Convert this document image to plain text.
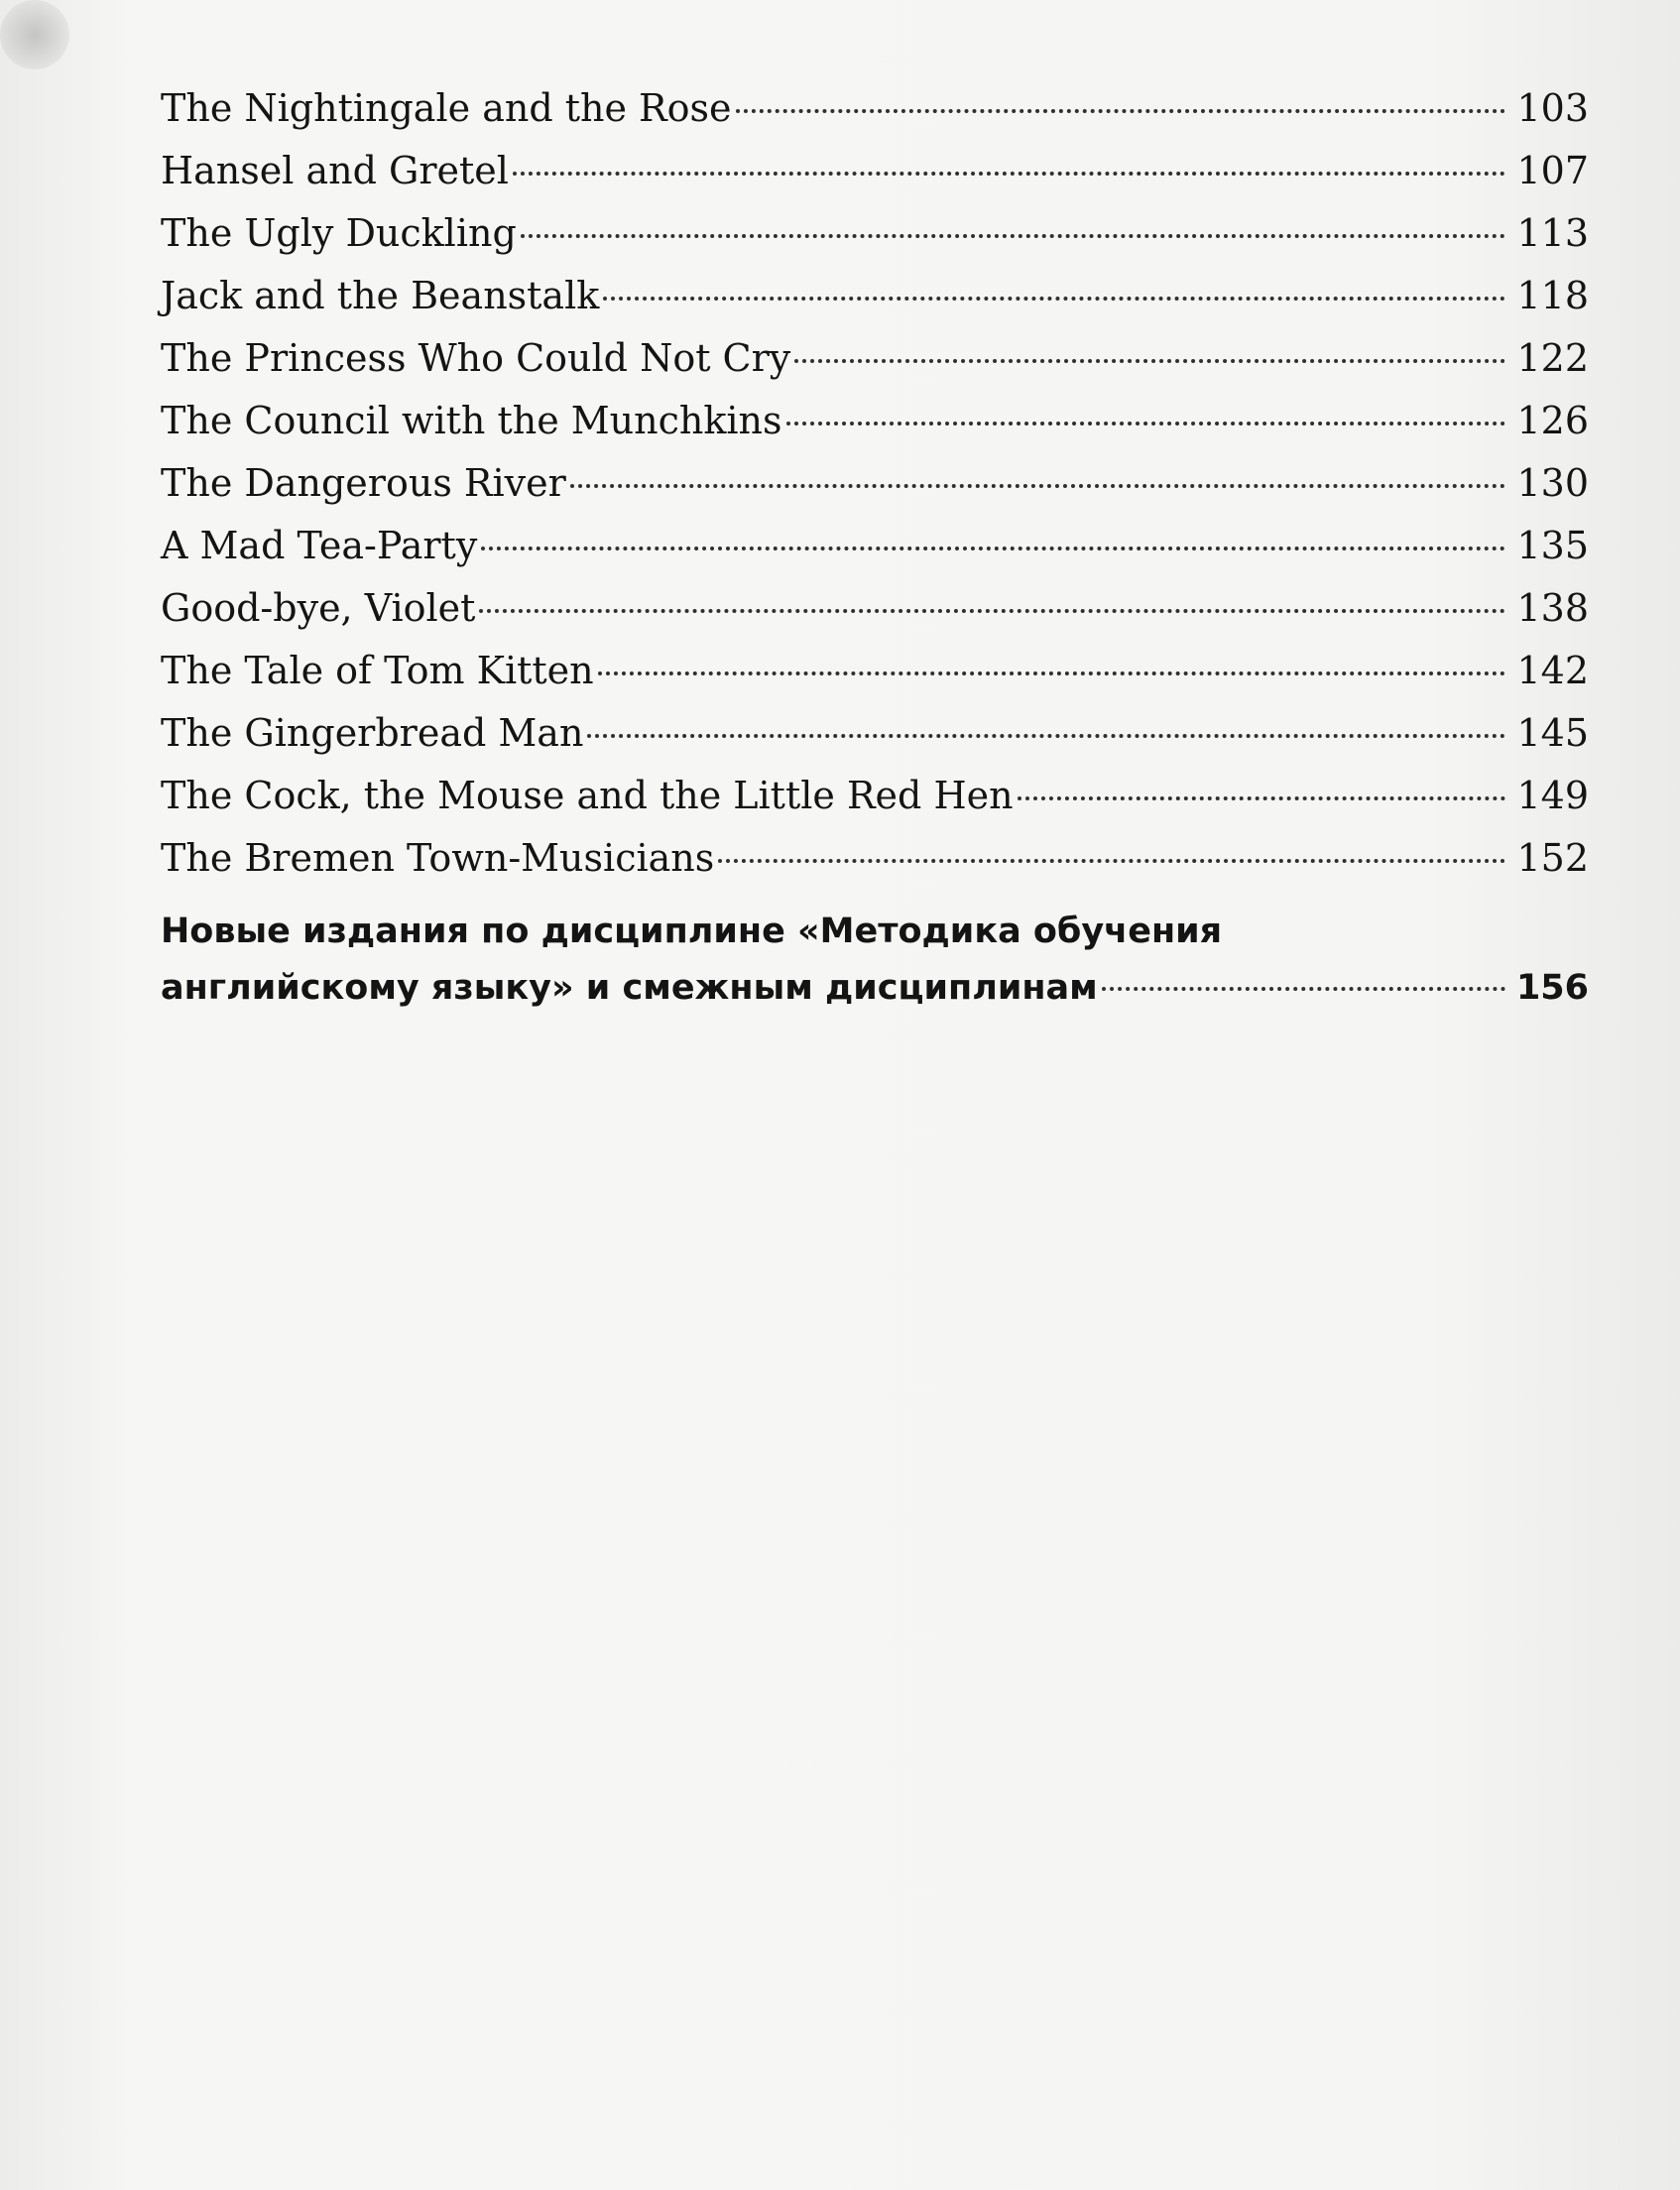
The Nightingale and the Rose	103
Hansel and Gretel	107
The Ugly Duckling	113
Jack and the Beanstalk	118
The Princess Who Could Not Cry	122
The Council with the Munchkins	126
The Dangerous River	130
A Mad Tea-Party	135
Good-bye, Violet	138
The Tale of Tom Kitten	142
The Gingerbread Man	145
The Cock, the Mouse and the Little Red Hen	149
The Bremen Town-Musicians	152
Новые издания по дисциплине «Методика обучения
английскому языку» и смежным дисциплинам	156
